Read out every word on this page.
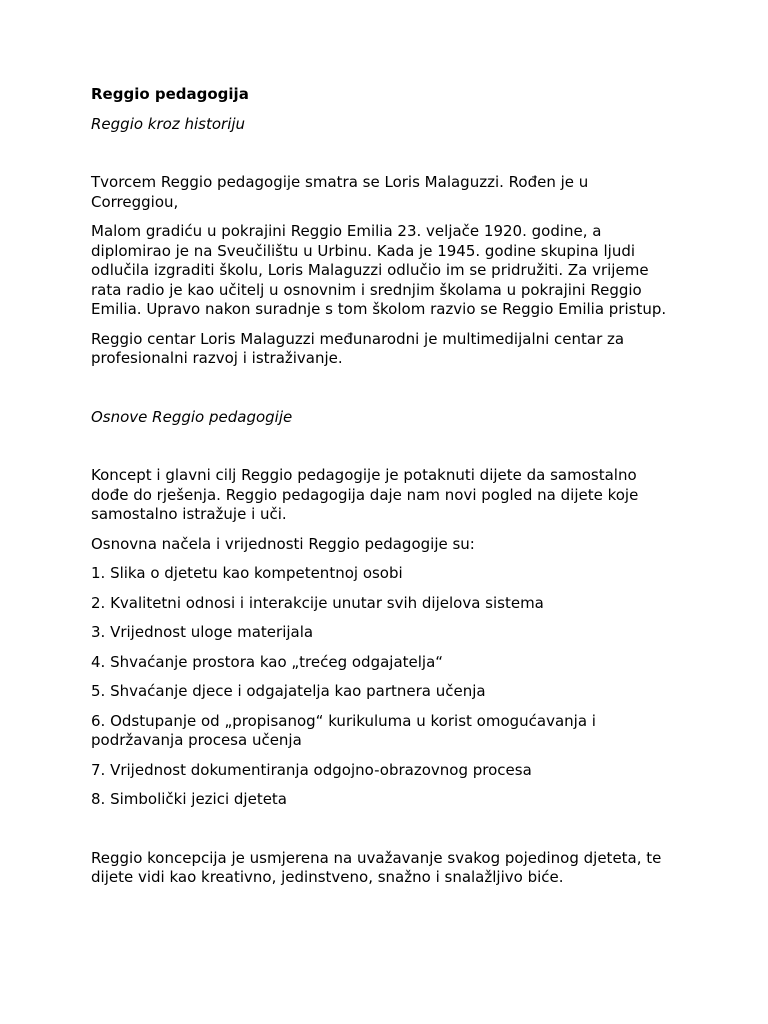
Reggio pedagogija

Reggio kroz historiju

Tvorcem Reggio pedagogije smatra se Loris Malaguzzi. Rođen je u Correggiou,

Malom gradiću u pokrajini Reggio Emilia 23. veljače 1920. godine, a diplomirao je na Sveučilištu u Urbinu. Kada je 1945. godine skupina ljudi odlučila izgraditi školu, Loris Malaguzzi odlučio im se pridružiti. Za vrijeme rata radio je kao učitelj u osnovnim i srednjim školama u pokrajini Reggio Emilia. Upravo nakon suradnje s tom školom razvio se Reggio Emilia pristup.

Reggio centar Loris Malaguzzi međunarodni je multimedijalni centar za profesionalni razvoj i istraživanje.

Osnove Reggio pedagogije

Koncept i glavni cilj Reggio pedagogije je potaknuti dijete da samostalno dođe do rješenja. Reggio pedagogija daje nam novi pogled na dijete koje samostalno istražuje i uči.

Osnovna načela i vrijednosti Reggio pedagogije su:

1. Slika o djetetu kao kompetentnoj osobi

2. Kvalitetni odnosi i interakcije unutar svih dijelova sistema

3. Vrijednost uloge materijala

4. Shvaćanje prostora kao „trećeg odgajatelja“

5. Shvaćanje djece i odgajatelja kao partnera učenja

6. Odstupanje od „propisanog“ kurikuluma u korist omogućavanja i podržavanja procesa učenja

7. Vrijednost dokumentiranja odgojno-obrazovnog procesa

8. Simbolički jezici djeteta

Reggio koncepcija je usmjerena na uvažavanje svakog pojedinog djeteta, te dijete vidi kao kreativno, jedinstveno, snažno i snalažljivo biće.
